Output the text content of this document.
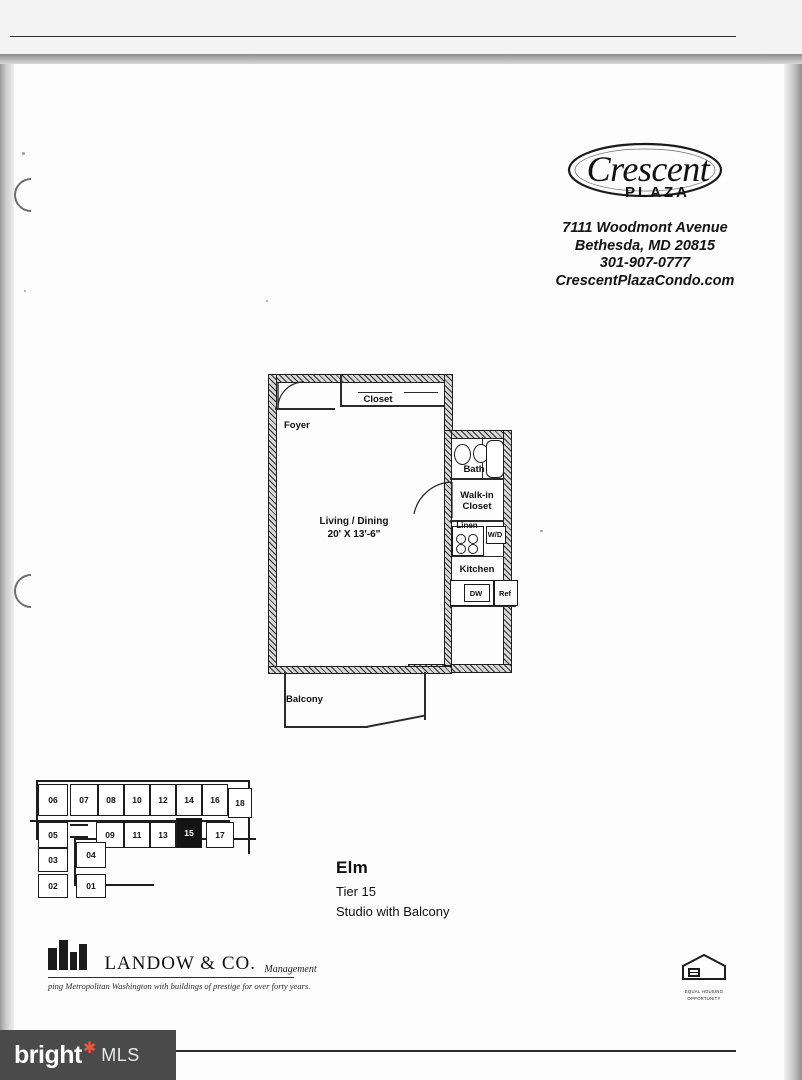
Crescent
PLAZA
7111 Woodmont Avenue
Bethesda, MD 20815
301-907-0777
CrescentPlazaCondo.com
Balcony
Foyer
Closet
Living / Dining
20' X 13'-6"
Bath
Walk-in
Closet
Linen
W/D
Kitchen
DW	Ref
06	07	08	10	12	14	16	18
05	09	11	13	15	17
03	04
02	01
Elm
Tier 15
Studio with Balcony
LANDOW & CO. Management
ping Metropolitan Washington with buildings of prestige for over forty years.
EQUAL HOUSING
OPPORTUNITY
bright ✱ MLS
